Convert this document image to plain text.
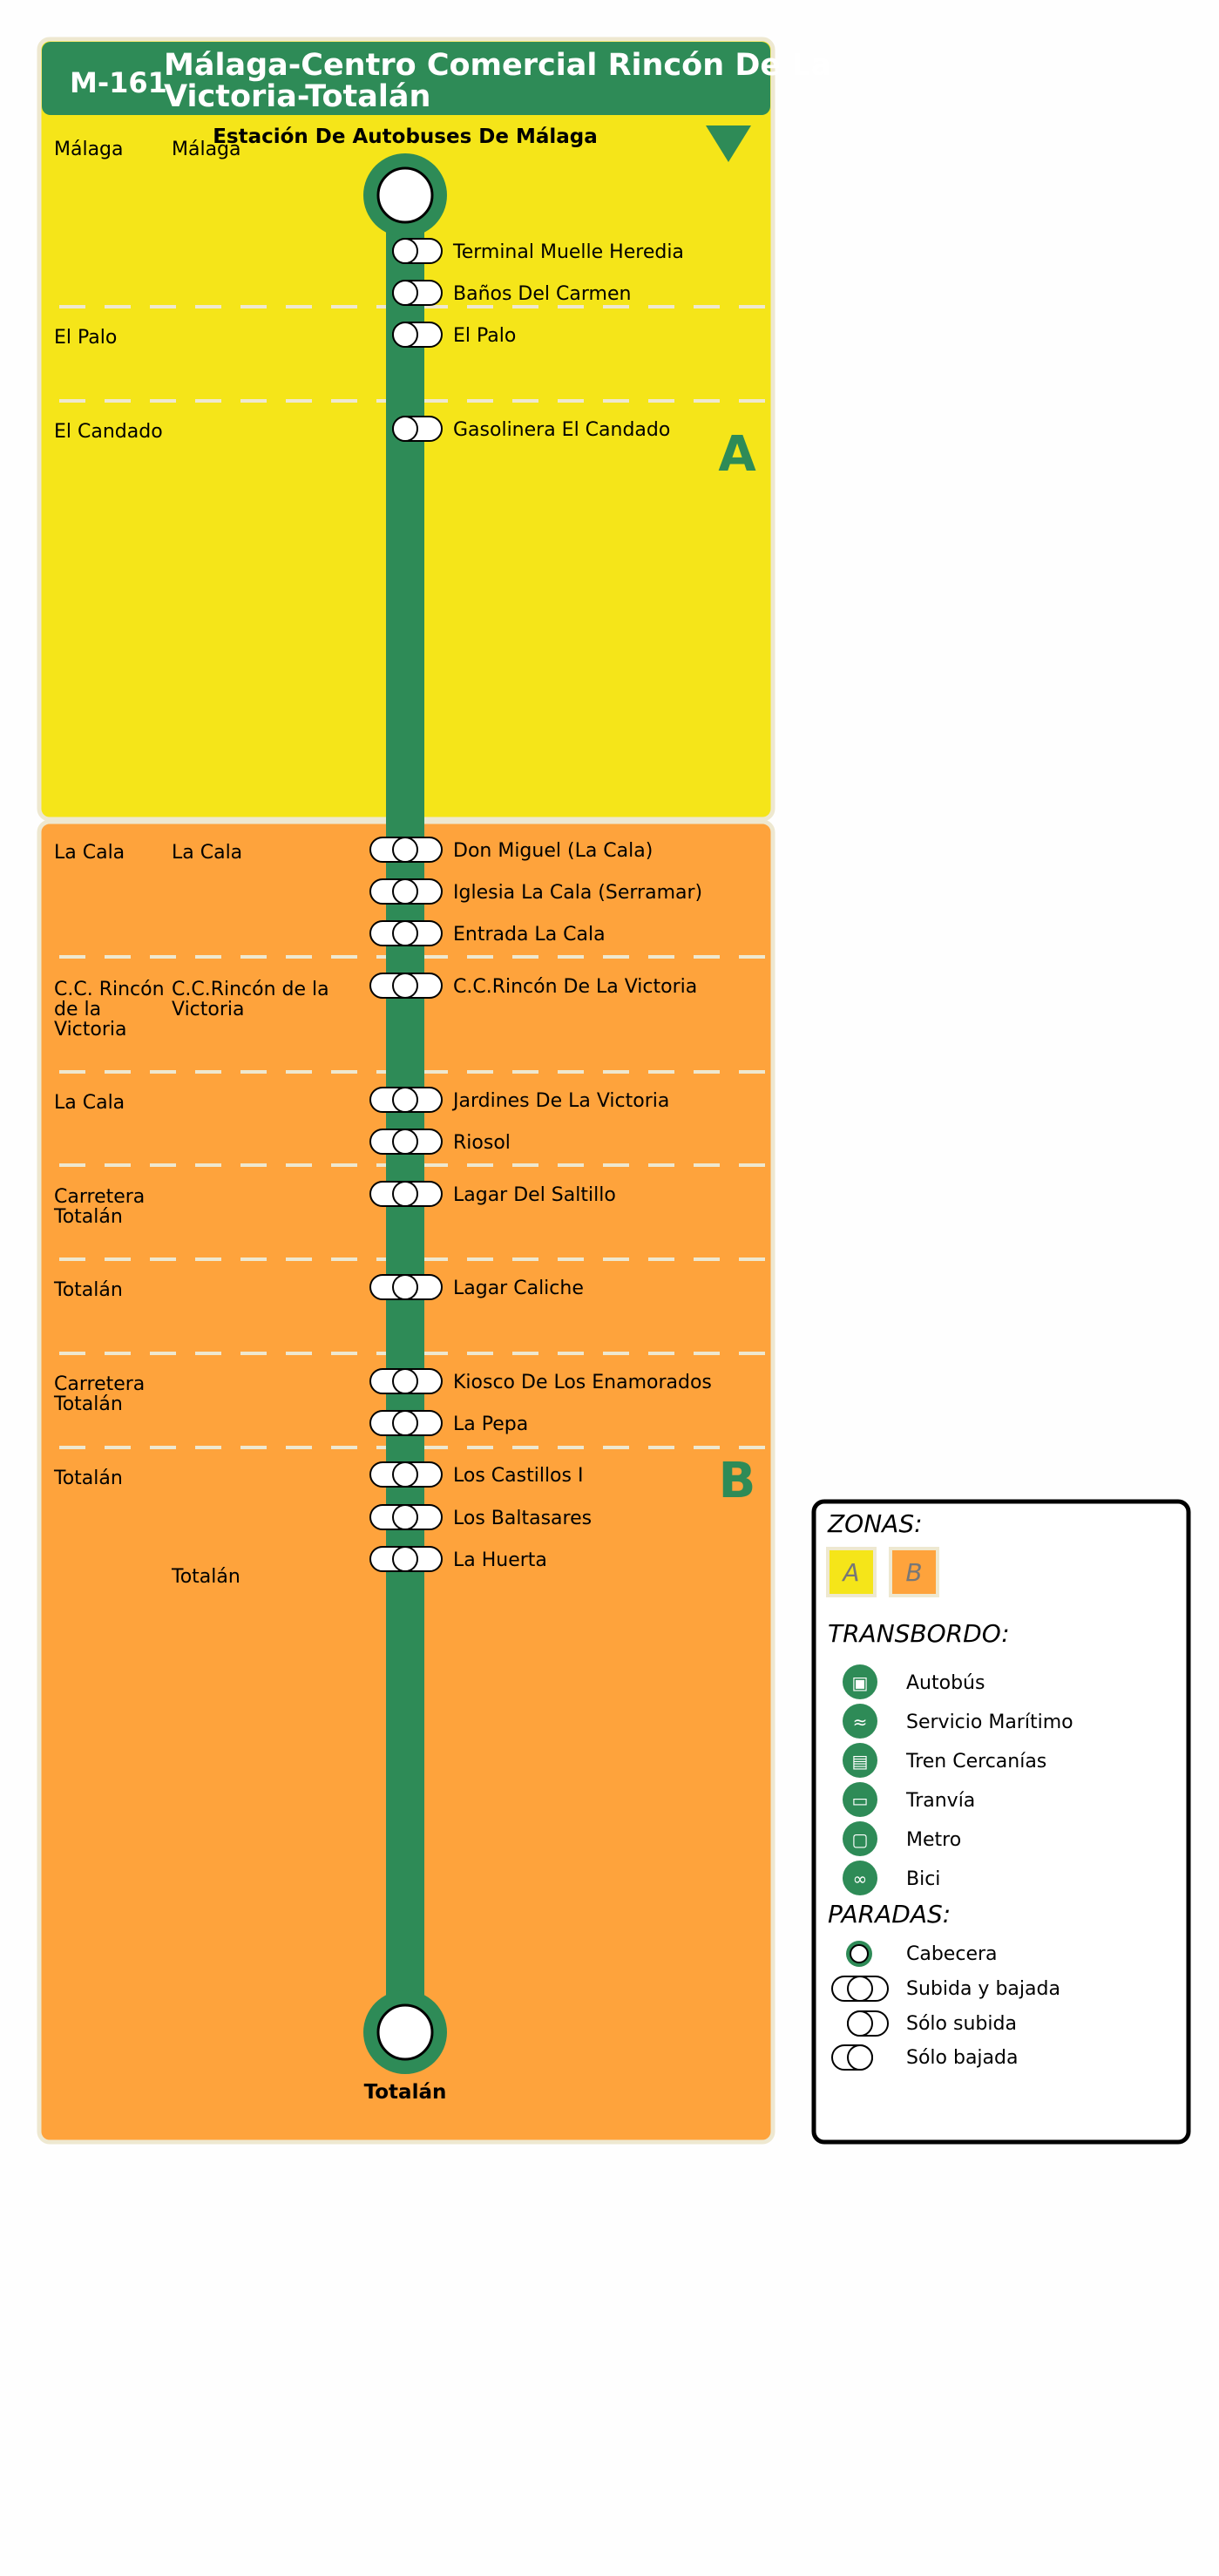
M-161
Málaga-Centro Comercial Rincón De La
Victoria-Totalán
A
B
Estación De Autobuses De Málaga
Totalán
Terminal Muelle Heredia
Baños Del Carmen
El Palo
Gasolinera El Candado
Don Miguel (La Cala)
Iglesia La Cala (Serramar)
Entrada La Cala
C.C.Rincón De La Victoria
Jardines De La Victoria
Riosol
Lagar Del Saltillo
Lagar Caliche
Kiosco De Los Enamorados
La Pepa
Los Castillos I
Los Baltasares
La Huerta
Málaga
El Palo
El Candado
La Cala
C.C. Rincón de la Victoria
La Cala
Carretera Totalán
Totalán
Carretera Totalán
Totalán
Málaga
La Cala
C.C.Rincón de la Victoria
Totalán
ZONAS:
A B
TRANSBORDO:
▣ Autobús
≈ Servicio Marítimo
▤ Tren Cercanías
▭ Tranvía
▢ Metro
∞ Bici
PARADAS:
Cabecera
Subida y bajada
Sólo subida
Sólo bajada
